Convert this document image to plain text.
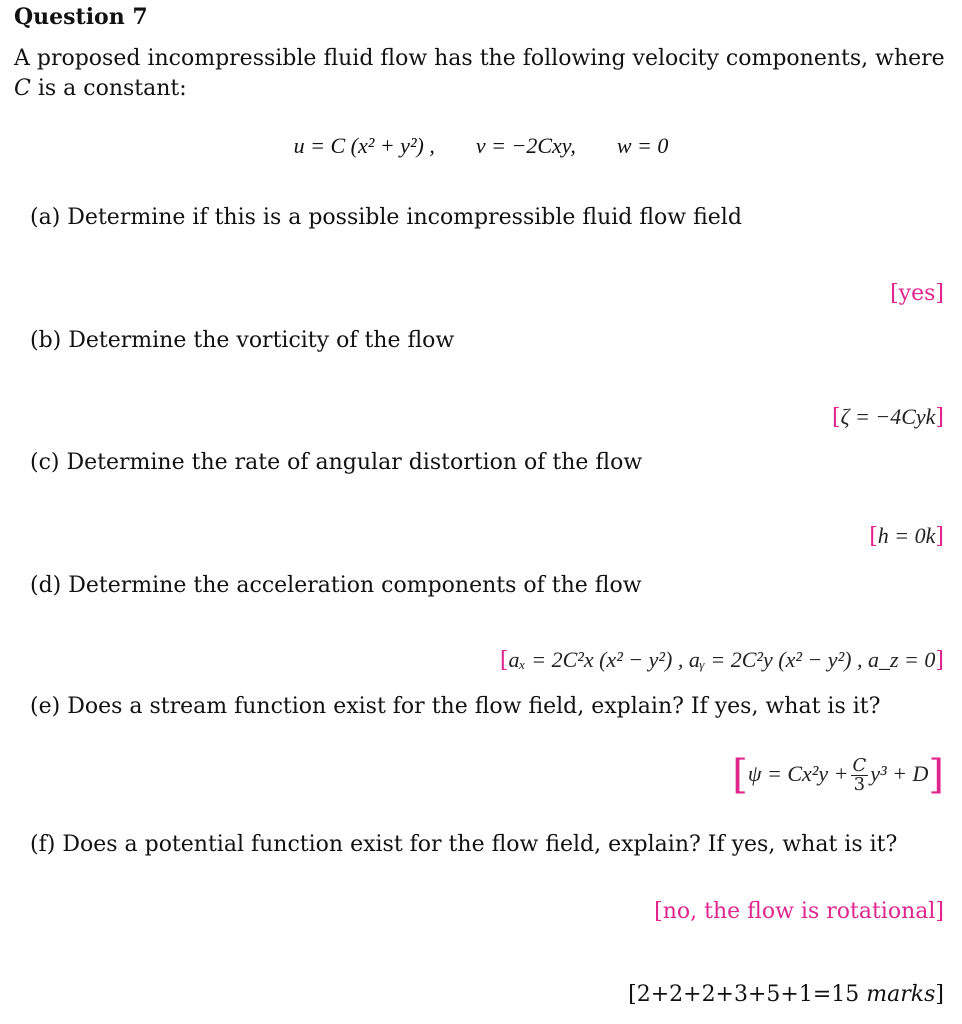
Question 7
A proposed incompressible fluid flow has the following velocity components, where C is a constant:
u = C (x² + y²) , v = −2Cxy, w = 0
(a) Determine if this is a possible incompressible fluid flow field
[yes]
(b) Determine the vorticity of the flow
[ζ = −4Cyk]
(c) Determine the rate of angular distortion of the flow
[h = 0k]
(d) Determine the acceleration components of the flow
[aₓ = 2C²x (x² − y²) , aᵧ = 2C²y (x² − y²) , a_z = 0]
(e) Does a stream function exist for the flow field, explain? If yes, what is it?
$[\psi = Cx^2y + \frac{C}{3} y^3 + D]$
(f) Does a potential function exist for the flow field, explain? If yes, what is it?
[no, the flow is rotational]
[2+2+2+3+5+1=15 marks]
